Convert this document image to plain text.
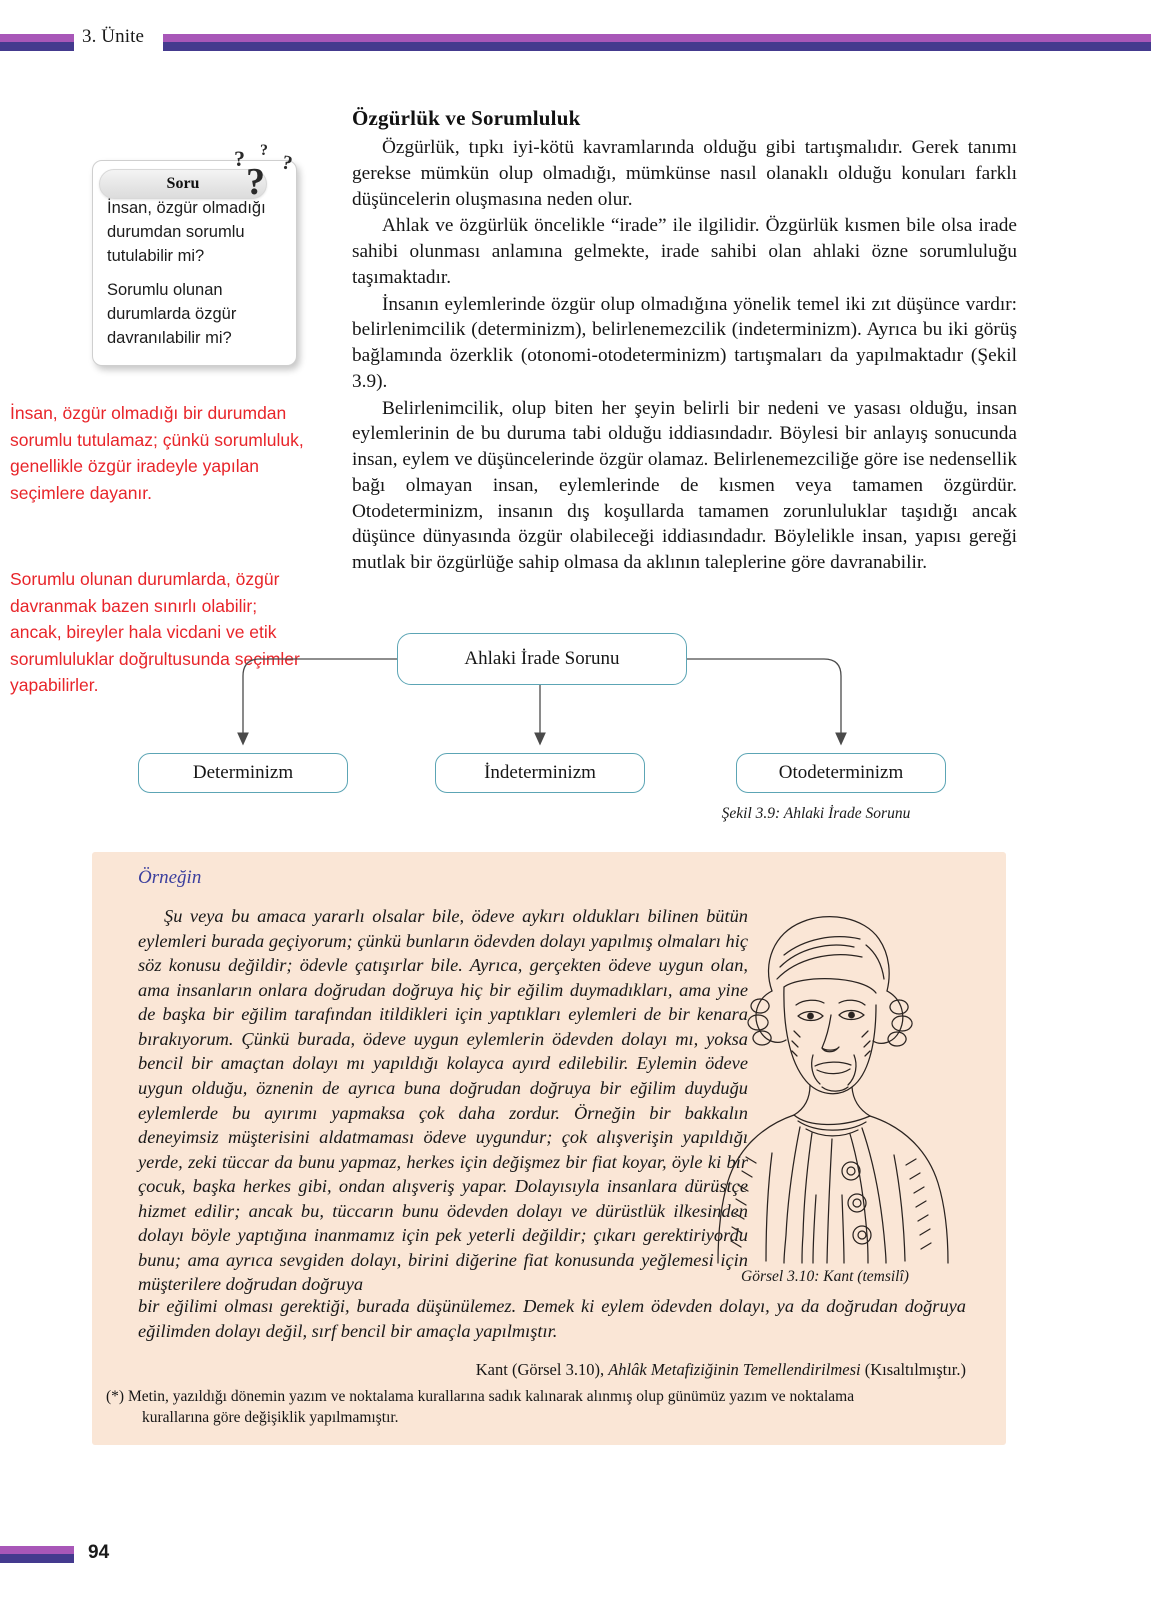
3. Ünite
Soru
İnsan, özgür olmadığı durumdan sorumlu tutulabilir mi?
Sorumlu olunan durumlarda özgür davranılabilir mi?
? ?
?
?
İnsan, özgür olmadığı bir durumdan sorumlu tutulamaz; çünkü sorumluluk, genellikle özgür iradeyle yapılan seçimlere dayanır.
Sorumlu olunan durumlarda, özgür davranmak bazen sınırlı olabilir; ancak, bireyler hala vicdani ve etik sorumluluklar doğrultusunda seçimler yapabilirler.
Özgürlük ve Sorumluluk

Özgürlük, tıpkı iyi-kötü kavramlarında olduğu gibi tartışmalıdır. Gerek tanımı gerekse mümkün olup olmadığı, mümkünse nasıl olanaklı olduğu konuları farklı düşüncelerin oluşmasına neden olur.

Ahlak ve özgürlük öncelikle “irade” ile ilgilidir. Özgürlük kısmen bile olsa irade sahibi olunması anlamına gelmekte, irade sahibi olan ahlaki özne sorumluluğu taşımaktadır.

İnsanın eylemlerinde özgür olup olmadığına yönelik temel iki zıt düşünce vardır: belirlenimcilik (determinizm), belirlenemezcilik (indeterminizm). Ayrıca bu iki görüş bağlamında özerklik (otonomi-otodeterminizm) tartışmaları da yapılmaktadır (Şekil 3.9).

Belirlenimcilik, olup biten her şeyin belirli bir nedeni ve yasası olduğu, insan eylemlerinin de bu duruma tabi olduğu iddiasındadır. Böylesi bir anlayış sonucunda insan, eylem ve düşüncelerinde özgür olamaz. Belirlenemezciliğe göre ise nedensellik bağı olmayan insan, eylemlerinde de kısmen veya tamamen özgürdür. Otodeterminizm, insanın dış koşullarda tamamen zorunluluklar taşıdığı ancak düşünce dünyasında özgür olabileceği iddiasındadır. Böylelikle insan, yapısı gereği mutlak bir özgürlüğe sahip olmasa da aklının taleplerine göre davranabilir.

Ahlaki İrade Sorunu
Determinizm	İndeterminizm	Otodeterminizm
Şekil 3.9: Ahlaki İrade Sorunu
Örneğin
Şu veya bu amaca yararlı olsalar bile, ödeve aykırı oldukları bilinen bütün eylemleri burada geçiyorum; çünkü bunların ödevden dolayı yapılmış olmaları hiç söz konusu değildir; ödevle çatışırlar bile. Ayrıca, gerçekten ödeve uygun olan, ama insanların onlara doğrudan doğruya hiç bir eğilim duymadıkları, ama yine de başka bir eğilim tarafından itildikleri için yaptıkları eylemleri de bir kenara bırakıyorum. Çünkü burada, ödeve uygun eylemlerin ödevden dolayı mı, yoksa bencil bir amaçtan dolayı mı yapıldığı kolayca ayırd edilebilir. Eylemin ödeve uygun olduğu, öznenin de ayrıca buna doğrudan doğruya bir eğilim duyduğu eylemlerde bu ayırımı yapmaksa çok daha zordur. Örneğin bir bakkalın deneyimsiz müşterisini aldatmaması ödeve uygundur; çok alışverişin yapıldığı yerde, zeki tüccar da bunu yapmaz, herkes için değişmez bir fiat koyar, öyle ki bir çocuk, başka herkes gibi, ondan alışveriş yapar. Dolayısıyla insanlara dürüstçe hizmet edilir; ancak bu, tüccarın bunu ödevden dolayı ve dürüstlük ilkesinden dolayı böyle yaptığına inanmamız için pek yeterli değildir; çıkarı gerektiriyordu bunu; ama ayrıca sevgiden dolayı, birini diğerine fiat konusunda yeğlemesi için müşterilere doğrudan doğruya
bir eğilimi olması gerektiği, burada düşünülemez. Demek ki eylem ödevden dolayı, ya da doğrudan doğruya eğilimden dolayı değil, sırf bencil bir amaçla yapılmıştır.
Kant (Görsel 3.10), Ahlâk Metafiziğinin Temellendirilmesi (Kısaltılmıştır.)
(*) Metin, yazıldığı dönemin yazım ve noktalama kurallarına sadık kalınarak alınmış olup günümüz yazım ve noktalama
kurallarına göre değişiklik yapılmamıştır.
Görsel 3.10: Kant (temsilî)
94
